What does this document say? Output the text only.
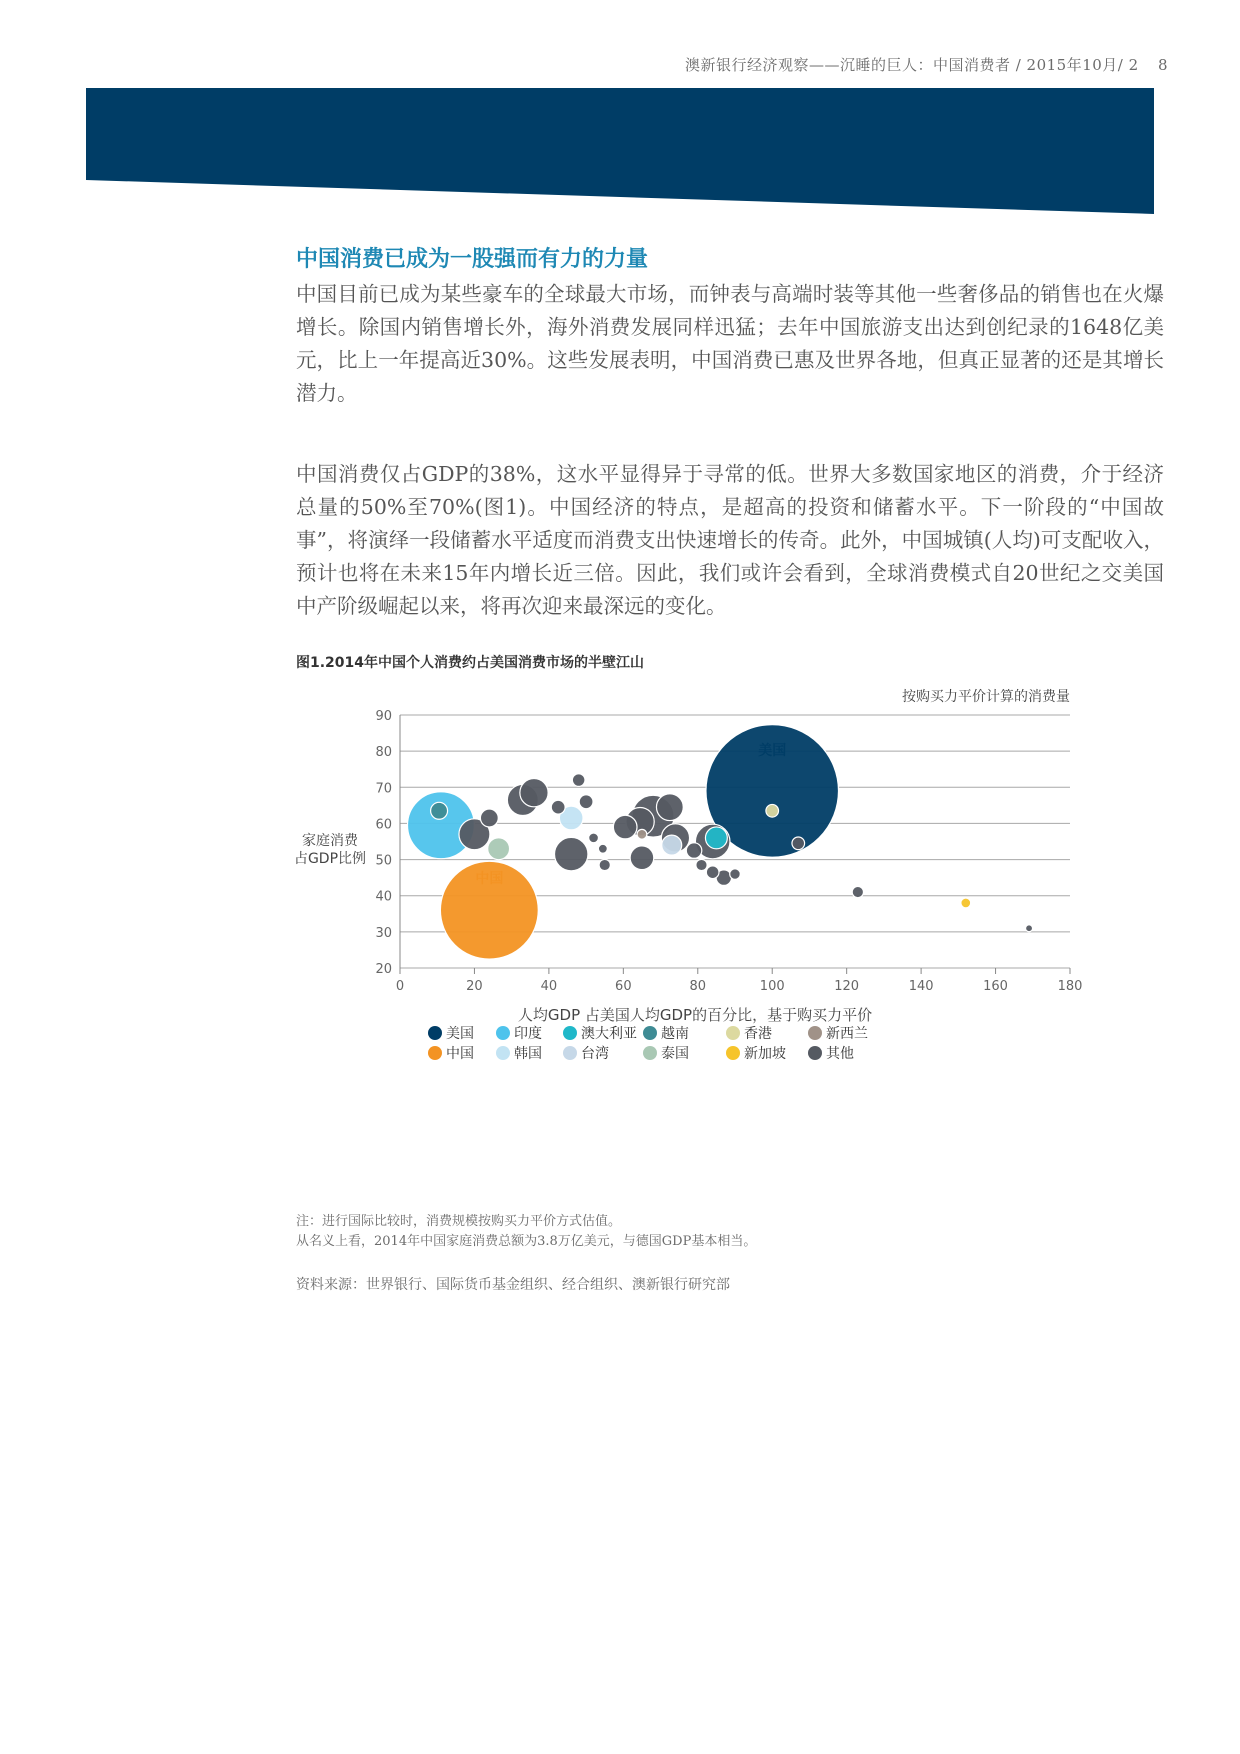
澳新银行经济观察——沉睡的巨人：中国消费者 / 2015年10月/ 2 8
中国消费已成为一股强而有力的力量

中国目前已成为某些豪车的全球最大市场，而钟表与高端时装等其他一些奢侈品的销售也在火爆增长。除国内销售增长外，海外消费发展同样迅猛；去年中国旅游支出达到创纪录的1648亿美元，比上一年提高近30%。这些发展表明，中国消费已惠及世界各地，但真正显著的还是其增长潜力。

中国消费仅占GDP的38%，这水平显得异于寻常的低。世界大多数国家地区的消费，介于经济总量的50%至70%(图1)。中国经济的特点，是超高的投资和储蓄水平。下一阶段的“中国故事”，将演绎一段储蓄水平适度而消费支出快速增长的传奇。此外，中国城镇(人均)可支配收入，预计也将在未来15年内增长近三倍。因此，我们或许会看到，全球消费模式自20世纪之交美国中产阶级崛起以来，将再次迎来最深远的变化。

图1.2014年中国个人消费约占美国消费市场的半壁江山
20
30
40
50
60
70
80
90
0	20	40	60	80	100	120	140	160	180
按购买力平价计算的消费量
家庭消费
占GDP比例
人均GDP 占美国人均GDP的百分比，基于购买力平价
美国
中国
美国	印度	澳大利亚 越南	香港	新西兰
中国	韩国	台湾	泰国	新加坡	其他
注：进行国际比较时，消费规模按购买力平价方式估值。
从名义上看，2014年中国家庭消费总额为3.8万亿美元，与德国GDP基本相当。
资料来源：世界银行、国际货币基金组织、经合组织、澳新银行研究部
